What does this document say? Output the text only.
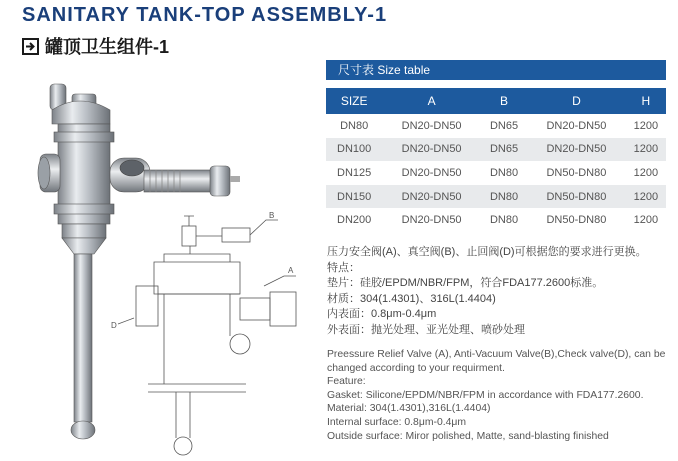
SANITARY TANK-TOP ASSEMBLY-1
罐顶卫生组件-1
B
A
D
尺寸表 Size table
SIZE	A	B	D	H
DN80	DN20-DN50	DN65	DN20-DN50	1200
DN100	DN20-DN50	DN65	DN20-DN50	1200
DN125	DN20-DN50	DN80	DN50-DN80	1200
DN150	DN20-DN50	DN80	DN50-DN80	1200
DN200	DN20-DN50	DN80	DN50-DN80	1200
压力安全阀(A)、真空阀(B)、止回阀(D)可根据您的要求进行更换。
特点：
垫片：硅胶/EPDM/NBR/FPM，符合FDA177.2600标准。
材质：304(1.4301)、316L(1.4404)
内表面：0.8μm-0.4μm
外表面：抛光处理、亚光处理、喷砂处理
Preessure Relief Valve (A), Anti-Vacuum Valve(B),Check valve(D), can be changed according to your requirment.
Feature:
Gasket: Silicone/EPDM/NBR/FPM in accordance with FDA177.2600.
Material: 304(1.4301),316L(1.4404)
Internal surface: 0.8μm-0.4μm
Outside surface: Miror polished, Matte, sand-blasting finished
